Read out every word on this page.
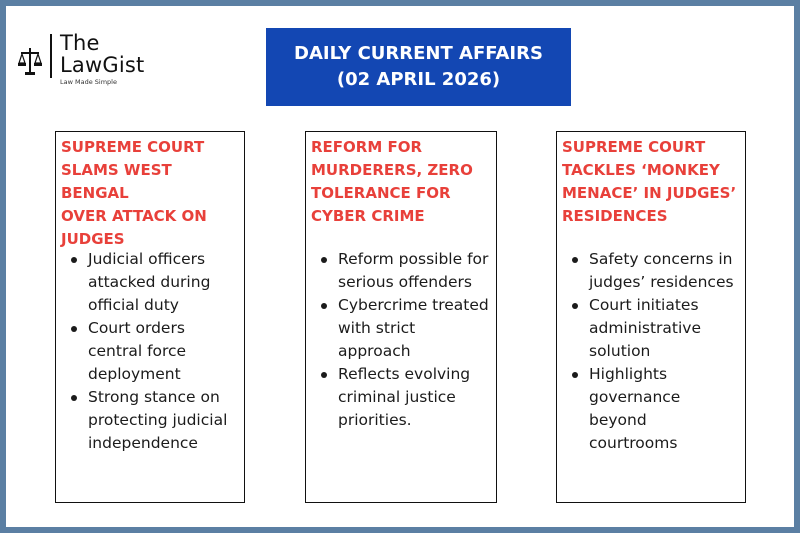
The
LawGist
Law Made Simple
DAILY CURRENT AFFAIRS
(02 APRIL 2026)
SUPREME COURT
SLAMS WEST BENGAL
OVER ATTACK ON
JUDGES
Judicial officers
attacked during
official duty
Court orders
central force
deployment
Strong stance on
protecting judicial
independence
REFORM FOR
MURDERERS, ZERO
TOLERANCE FOR
CYBER CRIME
Reform possible for
serious offenders
Cybercrime treated
with strict
approach
Reflects evolving
criminal justice
priorities.
SUPREME COURT
TACKLES ‘MONKEY
MENACE’ IN JUDGES’
RESIDENCES
Safety concerns in
judges’ residences
Court initiates
administrative
solution
Highlights
governance
beyond
courtrooms
